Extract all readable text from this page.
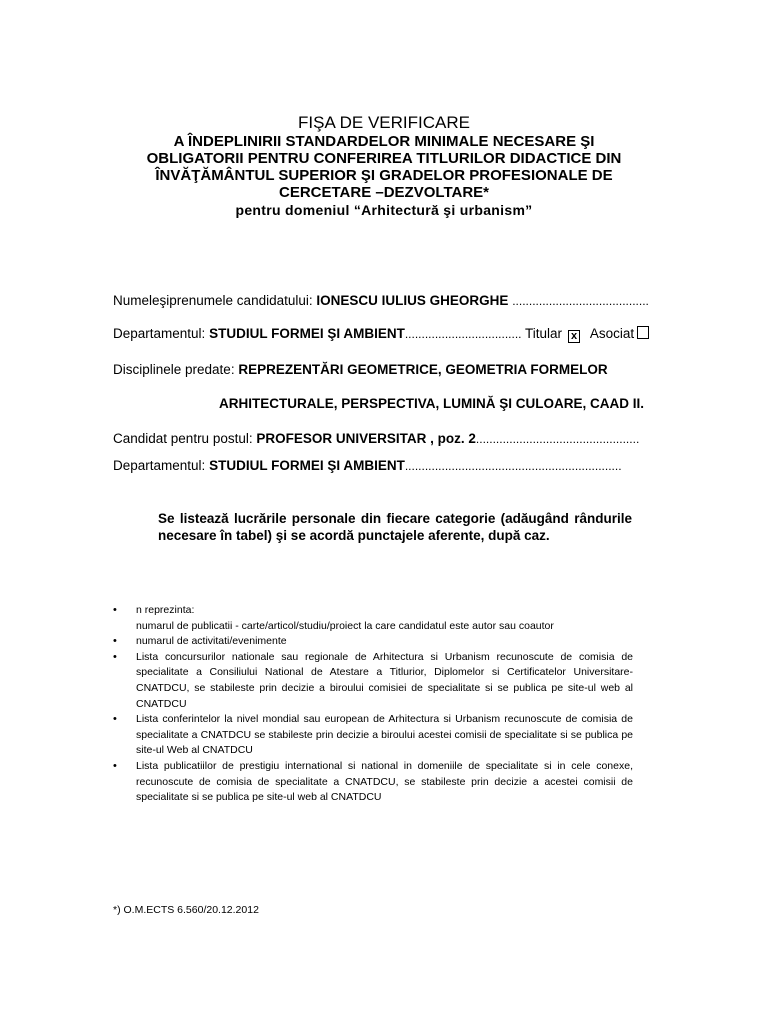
FIŞA DE VERIFICARE
A ÎNDEPLINIRII STANDARDELOR MINIMALE NECESARE ŞI
OBLIGATORII PENTRU CONFERIREA TITLURILOR DIDACTICE DIN
ÎNVĂŢĂMÂNTUL SUPERIOR ŞI GRADELOR PROFESIONALE DE
CERCETARE –DEZVOLTARE*
pentru domeniul “Arhitectură şi urbanism”
Numeleşiprenumele candidatului: IONESCU IULIUS GHEORGHE .........................................
Departamentul: STUDIUL FORMEI ŞI AMBIENT................................... Titular x Asociat
Disciplinele predate: REPREZENTĂRI GEOMETRICE, GEOMETRIA FORMELOR
ARHITECTURALE, PERSPECTIVA, LUMINĂ ŞI CULOARE, CAAD II.
Candidat pentru postul: PROFESOR UNIVERSITAR , poz. 2.................................................
Departamentul: STUDIUL FORMEI ŞI AMBIENT.................................................................
Se listează lucrările personale din fiecare categorie (adăugând rândurile necesare în tabel) şi se acordă punctajele aferente, după caz.
• n reprezinta:
numarul de publicatii - carte/articol/studiu/proiect la care candidatul este autor sau coautor
• numarul de activitati/evenimente
• Lista concursurilor nationale sau regionale de Arhitectura si Urbanism recunoscute de comisia de specialitate a Consiliului National de Atestare a Titlurior, Diplomelor si Certificatelor Universitare-CNATDCU, se stabileste prin decizie a biroului comisiei de specialitate si se publica pe site-ul web al CNATDCU
• Lista conferintelor la nivel mondial sau european de Arhitectura si Urbanism recunoscute de comisia de specialitate a CNATDCU se stabileste prin decizie a biroului acestei comisii de specialitate si se publica pe site-ul Web al CNATDCU
• Lista publicatiilor de prestigiu international si national in domeniile de specialitate si in cele conexe, recunoscute de comisia de specialitate a CNATDCU, se stabileste prin decizie a acestei comisii de specialitate si se publica pe site-ul web al CNATDCU
*) O.M.ECTS 6.560/20.12.2012
